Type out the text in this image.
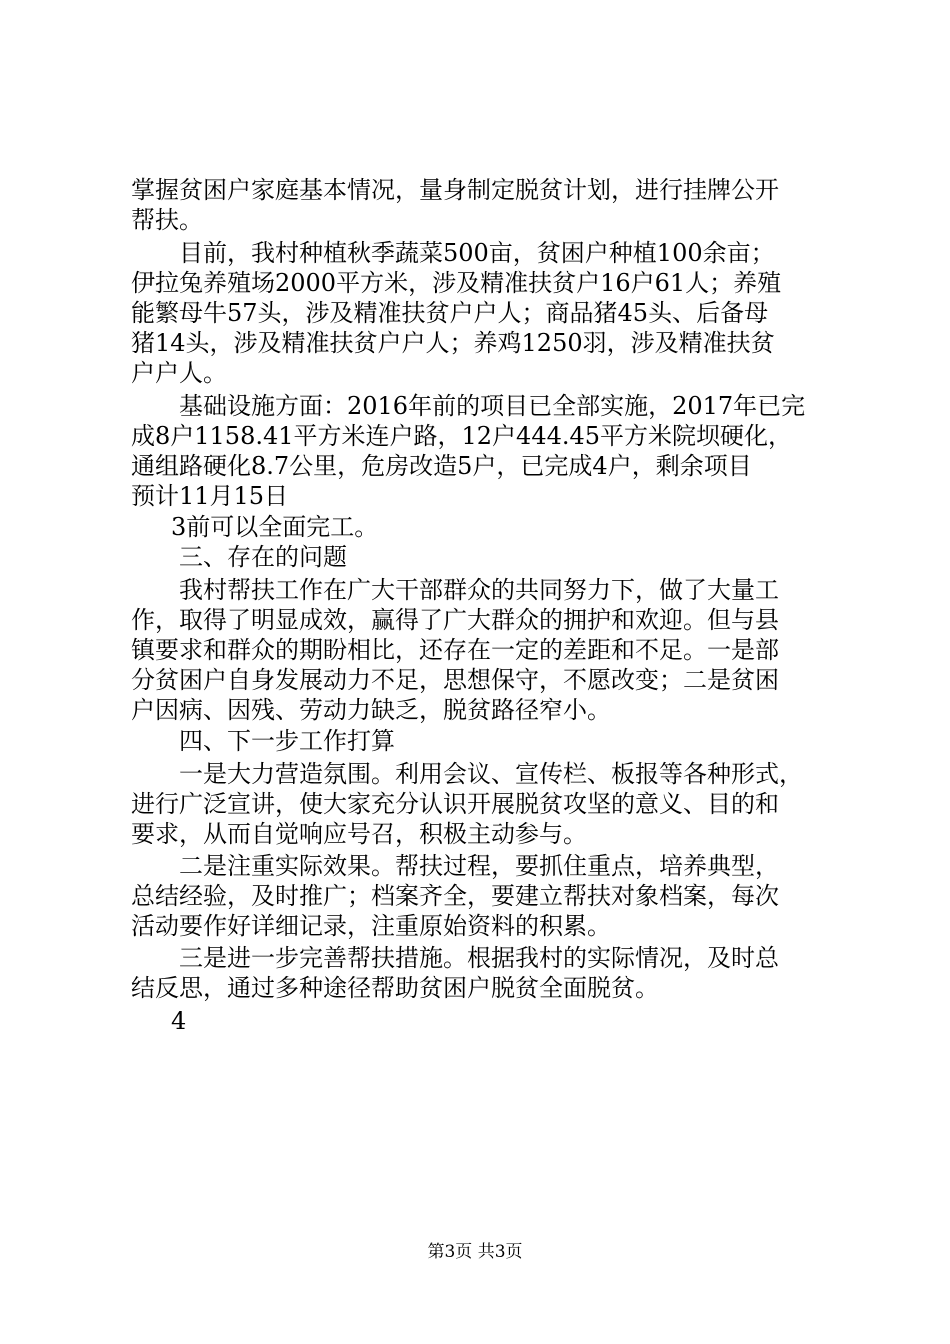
掌握贫困户家庭基本情况，量身制定脱贫计划，进行挂牌公开
帮扶。
目前，我村种植秋季蔬菜500亩，贫困户种植100余亩；
伊拉兔养殖场2000平方米，涉及精准扶贫户16户61人；养殖
能繁母牛57头，涉及精准扶贫户户人；商品猪45头、后备母
猪14头，涉及精准扶贫户户人；养鸡1250羽，涉及精准扶贫
户户人。
基础设施方面：2016年前的项目已全部实施，2017年已完
成8户1158.41平方米连户路，12户444.45平方米院坝硬化，
通组路硬化8.7公里，危房改造5户，已完成4户，剩余项目
预计11月15日
3前可以全面完工。
三、存在的问题
我村帮扶工作在广大干部群众的共同努力下，做了大量工
作，取得了明显成效，赢得了广大群众的拥护和欢迎。但与县
镇要求和群众的期盼相比，还存在一定的差距和不足。一是部
分贫困户自身发展动力不足，思想保守，不愿改变；二是贫困
户因病、因残、劳动力缺乏，脱贫路径窄小。
四、下一步工作打算
一是大力营造氛围。利用会议、宣传栏、板报等各种形式，
进行广泛宣讲，使大家充分认识开展脱贫攻坚的意义、目的和
要求，从而自觉响应号召，积极主动参与。
二是注重实际效果。帮扶过程，要抓住重点，培养典型，
总结经验，及时推广；档案齐全，要建立帮扶对象档案，每次
活动要作好详细记录，注重原始资料的积累。
三是进一步完善帮扶措施。根据我村的实际情况，及时总
结反思，通过多种途径帮助贫困户脱贫全面脱贫。
4
第3页 共3页
